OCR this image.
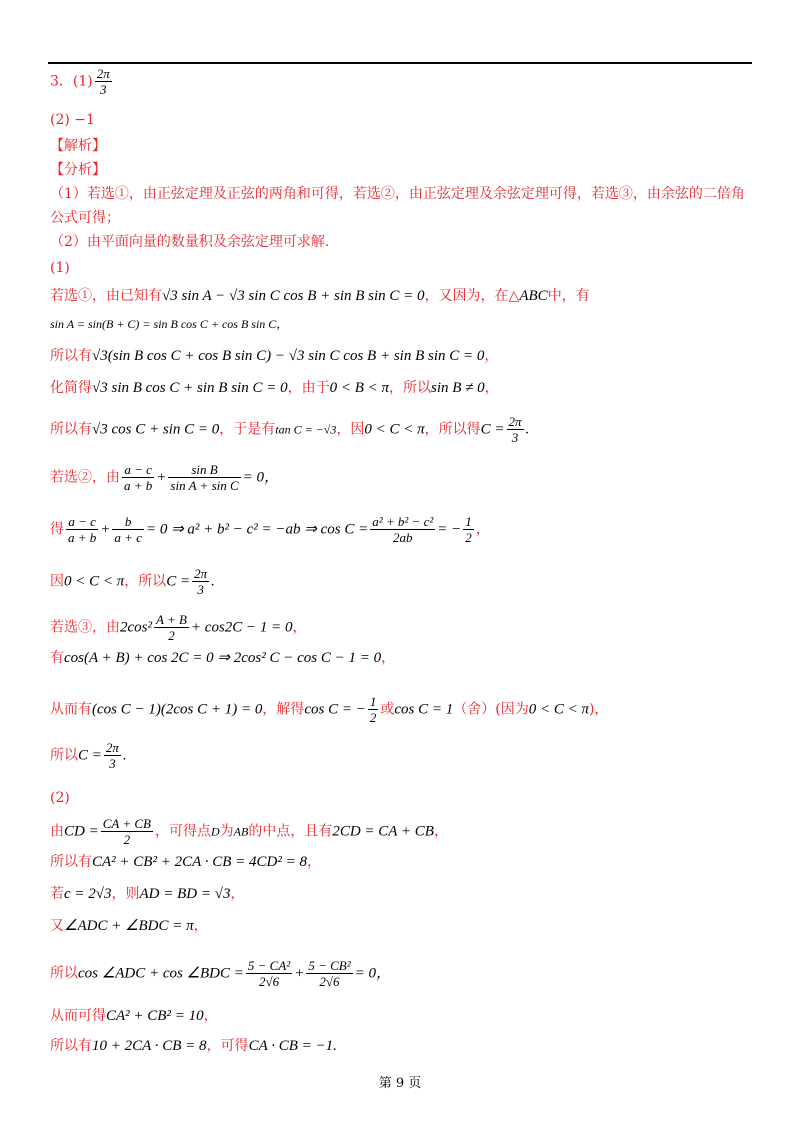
3．$(1) \frac{2\pi}{3}$
(2) −1
【解析】
【分析】
（1）若选①，由正弦定理及正弦的两角和可得，若选②，由正弦定理及余弦定理可得，若选③，由余弦的二倍角
公式可得；
（2）由平面向量的数量积及余弦定理可求解.
(1)
若选①，由已知有√3 sin A − √3 sin C cos B + sin B sin C = 0，又因为，在△ABC中，有
sin A = sin(B + C) = sin B cos C + cos B sin C，
所以有√3(sin B cos C + cos B sin C) − √3 sin C cos B + sin B sin C = 0，
化简得√3 sin B cos C + sin B sin C = 0，由于0 < B < π，所以sin B ≠ 0，
所以有√3 cos C + sin C = 0，于是有tan C = −√3，因0 < C < π，所以得$C = \frac{2\pi}{3}$ .
若选②，由 $\frac{a - c}{a + b} + \frac{\text{sin B}}{\text{sin A + sin C}} = 0$，
得 $\frac{a - c}{a + b} + \frac{b}{a + c} = 0$ ⇒ a² + b² − c² = −ab ⇒ $\cos C = \frac{\text{a² + b² − c²}}{2ab}$ = − $\frac{1}{2}$ ，
因0 < C < π，所以$C = \frac{2\pi}{3}$ .
若选③，由$2\cos^2 \frac{A + B}{2} + \cos 2C - 1 = 0$，
有cos(A + B) + cos 2C = 0 ⇒ 2cos² C − cos C − 1 = 0，
从而有(cos C − 1)(2cos C + 1) = 0，解得cos C = − $\frac{1}{2}$ 或cos C = 1（舍）(因为0 < C < π)，
所以$C = \frac{2\pi}{3}$ .
(2)
由CD = $\frac{CA + CB}{2}$ ，可得点D为AB的中点，且有2CD = CA + CB，
所以有CA² + CB² + 2CA · CB = 4CD² = 8，
若c = 2√3，则AD = BD = √3，
又∠ADC + ∠BDC = π，
所以cos ∠ADC + cos ∠BDC = $\frac{\text{5 − CA²}}{2√6} + \frac{\text{5 − CB²}}{2√6} = 0$，
从而可得CA² + CB² = 10，
所以有10 + 2CA · CB = 8，可得CA · CB = −1.
第 9 页
